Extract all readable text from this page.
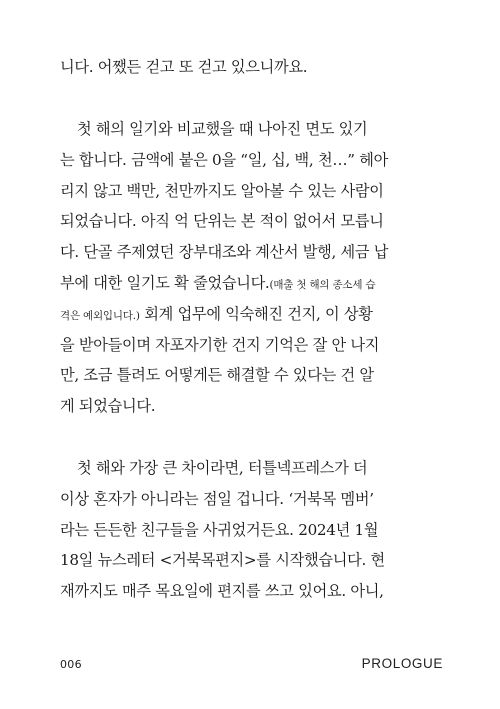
니다. 어쨌든 걷고 또 걷고 있으니까요.
첫 해의 일기와 비교했을 때 나아진 면도 있기
는 합니다. 금액에 붙은 0을 “일, 십, 백, 천…” 헤아
리지 않고 백만, 천만까지도 알아볼 수 있는 사람이
되었습니다. 아직 억 단위는 본 적이 없어서 모릅니
다. 단골 주제였던 장부대조와 계산서 발행, 세금 납
부에 대한 일기도 확 줄었습니다.(매출 첫 해의 종소세 습
격은 예외입니다.) 회계 업무에 익숙해진 건지, 이 상황
을 받아들이며 자포자기한 건지 기억은 잘 안 나지
만, 조금 틀려도 어떻게든 해결할 수 있다는 건 알
게 되었습니다.
첫 해와 가장 큰 차이라면, 터틀넥프레스가 더
이상 혼자가 아니라는 점일 겁니다. ‘거북목 멤버’
라는 든든한 친구들을 사귀었거든요. 2024년 1월
18일 뉴스레터 <거북목편지>를 시작했습니다. 현
재까지도 매주 목요일에 편지를 쓰고 있어요. 아니,
006	PROLOGUE
